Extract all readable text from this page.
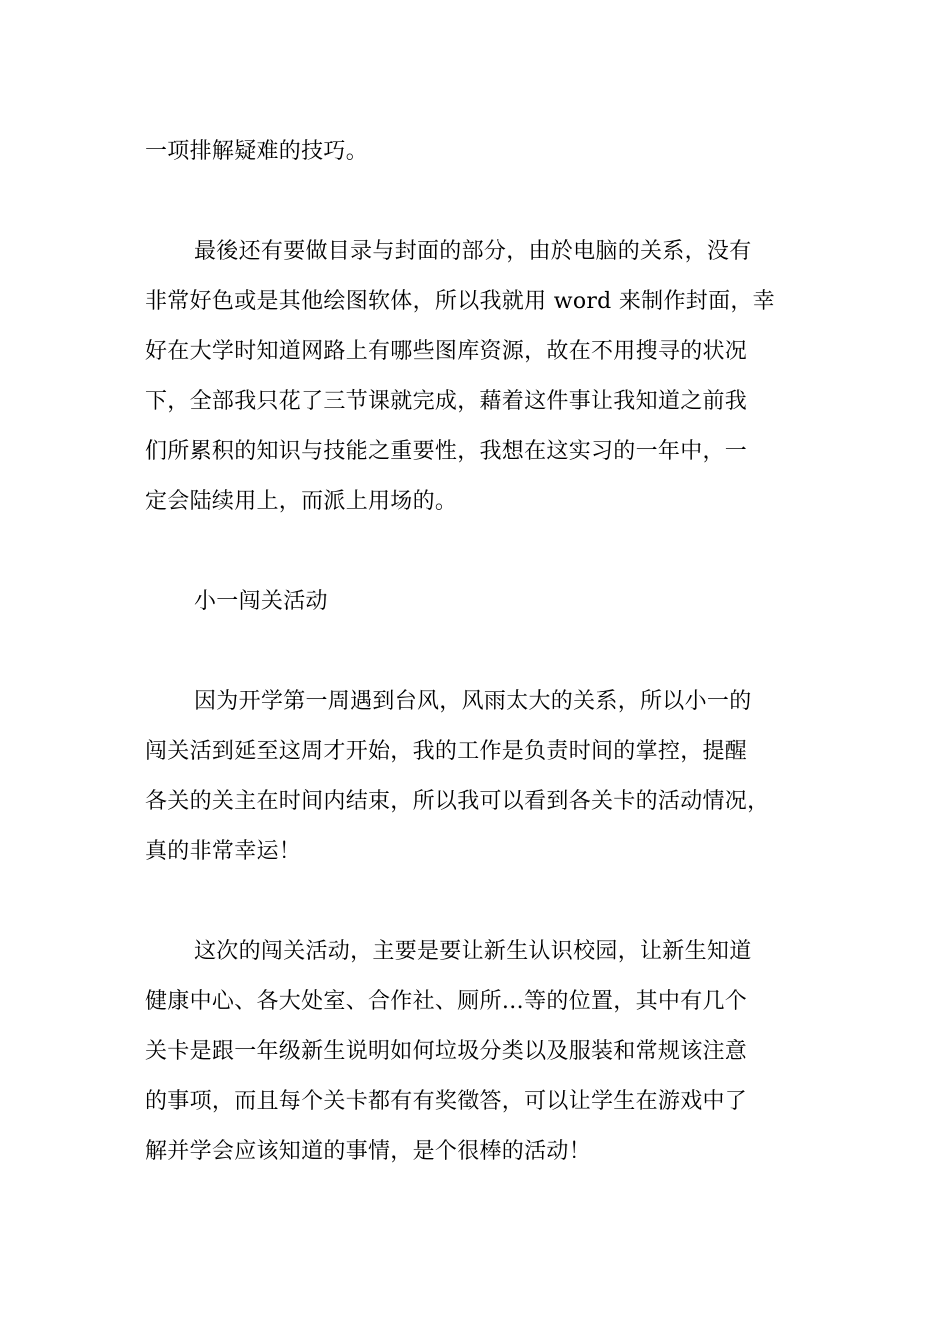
一项排解疑难的技巧。
最後还有要做目录与封面的部分，由於电脑的关系，没有
非常好色或是其他绘图软体，所以我就用 word 来制作封面，幸
好在大学时知道网路上有哪些图库资源，故在不用搜寻的状况
下，全部我只花了三节课就完成，藉着这件事让我知道之前我
们所累积的知识与技能之重要性，我想在这实习的一年中，一
定会陆续用上，而派上用场的。
小一闯关活动
因为开学第一周遇到台风，风雨太大的关系，所以小一的
闯关活到延至这周才开始，我的工作是负责时间的掌控，提醒
各关的关主在时间内结束，所以我可以看到各关卡的活动情况，
真的非常幸运！
这次的闯关活动，主要是要让新生认识校园，让新生知道
健康中心、各大处室、合作社、厕所…等的位置，其中有几个
关卡是跟一年级新生说明如何垃圾分类以及服装和常规该注意
的事项，而且每个关卡都有有奖徵答，可以让学生在游戏中了
解并学会应该知道的事情，是个很棒的活动！
